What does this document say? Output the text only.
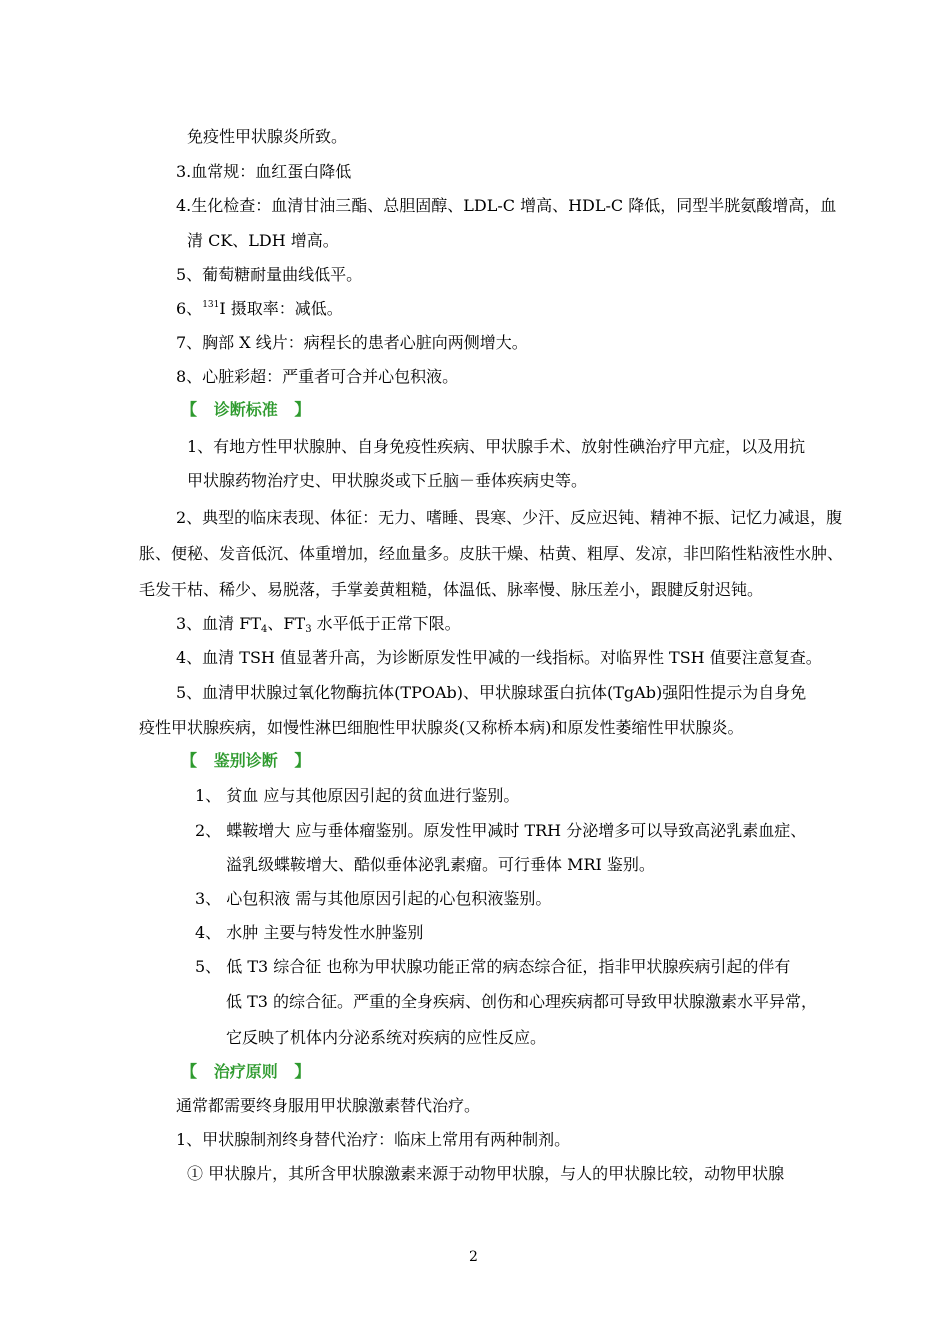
免疫性甲状腺炎所致。
3.血常规：血红蛋白降低
4.生化检查：血清甘油三酯、总胆固醇、LDL-C 增高、HDL-C 降低，同型半胱氨酸增高，血
清 CK、LDH 增高。
5、葡萄糖耐量曲线低平。
6、$^{131}$I 摄取率：减低。
7、胸部 X 线片：病程长的患者心脏向两侧增大。
8、心脏彩超：严重者可合并心包积液。
【   诊断标准   】
1、有地方性甲状腺肿、自身免疫性疾病、甲状腺手术、放射性碘治疗甲亢症，以及用抗
甲状腺药物治疗史、甲状腺炎或下丘脑－垂体疾病史等。
2、典型的临床表现、体征：无力、嗜睡、畏寒、少汗、反应迟钝、精神不振、记忆力减退，腹
胀、便秘、发音低沉、体重增加，经血量多。皮肤干燥、枯黄、粗厚、发凉，非凹陷性粘液性水肿、
毛发干枯、稀少、易脱落，手掌姜黄粗糙，体温低、脉率慢、脉压差小，跟腱反射迟钝。
3、血清 $FT_4$、$FT_3$ 水平低于正常下限。
4、血清 TSH 值显著升高，为诊断原发性甲减的一线指标。对临界性 TSH 值要注意复查。
5、血清甲状腺过氧化物酶抗体(TPOAb)、甲状腺球蛋白抗体(TgAb)强阳性提示为自身免
疫性甲状腺疾病，如慢性淋巴细胞性甲状腺炎(又称桥本病)和原发性萎缩性甲状腺炎。
【   鉴别诊断   】
1、 贫血 应与其他原因引起的贫血进行鉴别。
2、 蝶鞍增大 应与垂体瘤鉴别。原发性甲减时 TRH 分泌增多可以导致高泌乳素血症、
溢乳级蝶鞍增大、酷似垂体泌乳素瘤。可行垂体 MRI 鉴别。
3、 心包积液 需与其他原因引起的心包积液鉴别。
4、 水肿 主要与特发性水肿鉴别
5、 低 T3 综合征 也称为甲状腺功能正常的病态综合征，指非甲状腺疾病引起的伴有
低 T3 的综合征。严重的全身疾病、创伤和心理疾病都可导致甲状腺激素水平异常，
它反映了机体内分泌系统对疾病的应性反应。
【   治疗原则   】
通常都需要终身服用甲状腺激素替代治疗。
1、甲状腺制剂终身替代治疗：临床上常用有两种制剂。
① 甲状腺片，其所含甲状腺激素来源于动物甲状腺，与人的甲状腺比较，动物甲状腺
2
